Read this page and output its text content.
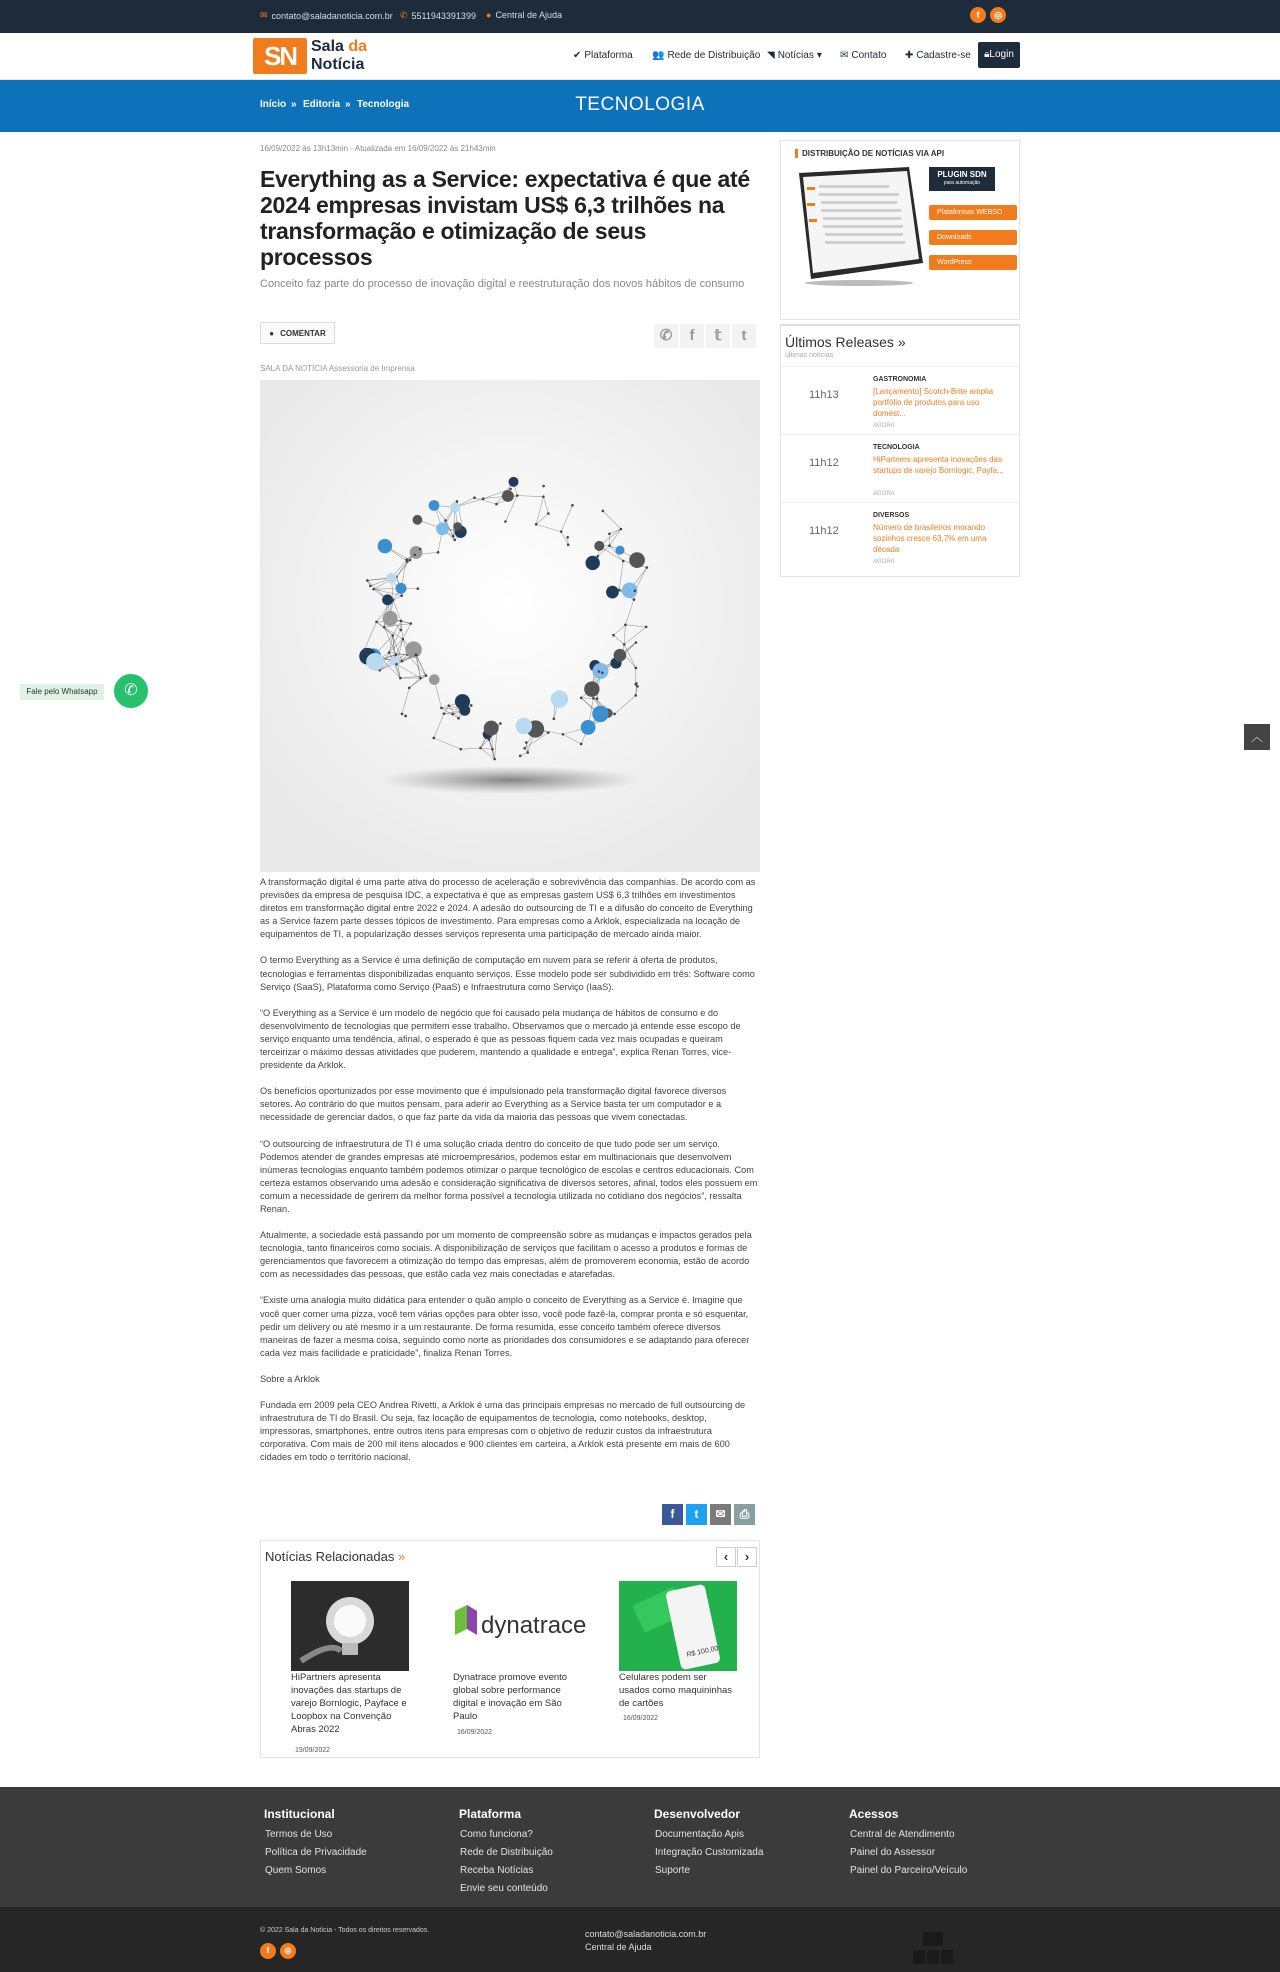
✉ contato@saladanoticia.com.br ✆ 5511943391399 ● Central de Ajuda	f	◎
SN Sala da
Notícia
✔ Plataforma 👥 Rede de Distribuição ◥ Notícias ▾ ✉ Contato ✚ Cadastre-se	🔒︎Login
TECNOLOGIA
Início » Editoria » Tecnologia
16/09/2022 às 13h13min - Atualizada em 16/09/2022 às 21h43min
Everything as a Service: expectativa é que até 2024 empresas invistam US$ 6,3 trilhões na transformação e otimização de seus processos
Conceito faz parte do processo de inovação digital e reestruturação dos novos hábitos de consumo
● COMENTAR	✆	f	𝕥	t
SALA DA NOTÍCIA Assessoria de Imprensa

A transformação digital é uma parte ativa do processo de aceleração e sobrevivência das companhias. De acordo com as previsões da empresa de pesquisa IDC, a expectativa é que as empresas gastem US$ 6,3 trilhões em investimentos diretos em transformação digital entre 2022 e 2024. A adesão do outsourcing de TI e a difusão do conceito de Everything as a Service fazem parte desses tópicos de investimento. Para empresas como a Arklok, especializada na locação de equipamentos de TI, a popularização desses serviços representa uma participação de mercado ainda maior.

O termo Everything as a Service é uma definição de computação em nuvem para se referir à oferta de produtos, tecnologias e ferramentas disponibilizadas enquanto serviços. Esse modelo pode ser subdividido em três: Software como Serviço (SaaS), Plataforma como Serviço (PaaS) e Infraestrutura como Serviço (IaaS).

“O Everything as a Service é um modelo de negócio que foi causado pela mudança de hábitos de consumo e do desenvolvimento de tecnologias que permitem esse trabalho. Observamos que o mercado já entende esse escopo de serviço enquanto uma tendência, afinal, o esperado é que as pessoas fiquem cada vez mais ocupadas e queiram terceirizar o máximo dessas atividades que puderem, mantendo a qualidade e entrega”, explica Renan Torres, vice-presidente da Arklok.

Os benefícios oportunizados por esse movimento que é impulsionado pela transformação digital favorece diversos setores. Ao contrário do que muitos pensam, para aderir ao Everything as a Service basta ter um computador e a necessidade de gerenciar dados, o que faz parte da vida da maioria das pessoas que vivem conectadas.

“O outsourcing de infraestrutura de TI é uma solução criada dentro do conceito de que tudo pode ser um serviço. Podemos atender de grandes empresas até microempresários, podemos estar em multinacionais que desenvolvem inúmeras tecnologias enquanto também podemos otimizar o parque tecnológico de escolas e centros educacionais. Com certeza estamos observando uma adesão e consideração significativa de diversos setores, afinal, todos eles possuem em comum a necessidade de gerirem da melhor forma possível a tecnologia utilizada no cotidiano dos negócios”, ressalta Renan.

Atualmente, a sociedade está passando por um momento de compreensão sobre as mudanças e impactos gerados pela tecnologia, tanto financeiros como sociais. A disponibilização de serviços que facilitam o acesso a produtos e formas de gerenciamentos que favorecem a otimização do tempo das empresas, além de promoverem economia, estão de acordo com as necessidades das pessoas, que estão cada vez mais conectadas e atarefadas.

“Existe uma analogia muito didática para entender o quão amplo o conceito de Everything as a Service é. Imagine que você quer comer uma pizza, você tem várias opções para obter isso, você pode fazê-la, comprar pronta e só esquentar, pedir um delivery ou até mesmo ir a um restaurante. De forma resumida, esse conceito também oferece diversos maneiras de fazer a mesma coisa, seguindo como norte as prioridades dos consumidores e se adaptando para oferecer cada vez mais facilidade e praticidade”, finaliza Renan Torres.

Sobre a Arklok

Fundada em 2009 pela CEO Andrea Rivetti, a Arklok é uma das principais empresas no mercado de full outsourcing de infraestrutura de TI do Brasil. Ou seja, faz locação de equipamentos de tecnologia, como notebooks, desktop, impressoras, smartphones, entre outros itens para empresas com o objetivo de reduzir custos da infraestrutura corporativa. Com mais de 200 mil itens alocados e 900 clientes em carteira, a Arklok está presente em mais de 600 cidades em todo o território nacional.

f	t	✉	⎙
Notícias Relacionadas »	‹	›
HiPartners apresenta inovações das startups de varejo Bornlogic, Payface e Loopbox na Convenção Abras 2022
19/09/2022
dynatrace
Dynatrace promove evento global sobre performance digital e inovação em São Paulo
16/09/2022
R$ 100,00
Celulares podem ser usados como maquininhas de cartões
16/09/2022
DISTRIBUIÇÃO DE NOTÍCIAS VIA API
PLUGIN SDN
para automação
Plataformas WEBSO
Downloads
WordPress
Últimos Releases »
últimas notícias
11h13
GASTRONOMIA
[Lançamento] Scotch-Brite amplia portfólio de produtos para uso domést...
AGORA
11h12
TECNOLOGIA
HiPartners apresenta inovações das startups de varejo Bornlogic, Payfa...
AGORA
11h12
DIVERSOS
Número de brasileiros morando sozinhos cresce 63,7% em uma década
AGORA
Fale pelo Whatsapp	✆
︿
Institucional
Termos de Uso
Política de Privacidade
Quem Somos
Plataforma
Como funciona?
Rede de Distribuição
Receba Notícias
Envie seu conteúdo
Desenvolvedor
Documentação Apis
Integração Customizada
Suporte
Acessos
Central de Atendimento
Painel do Assessor
Painel do Parceiro/Veículo
© 2022 Sala da Notícia - Todos os direitos reservados.
f	◎
contato@saladanoticia.com.br
Central de Ajuda
